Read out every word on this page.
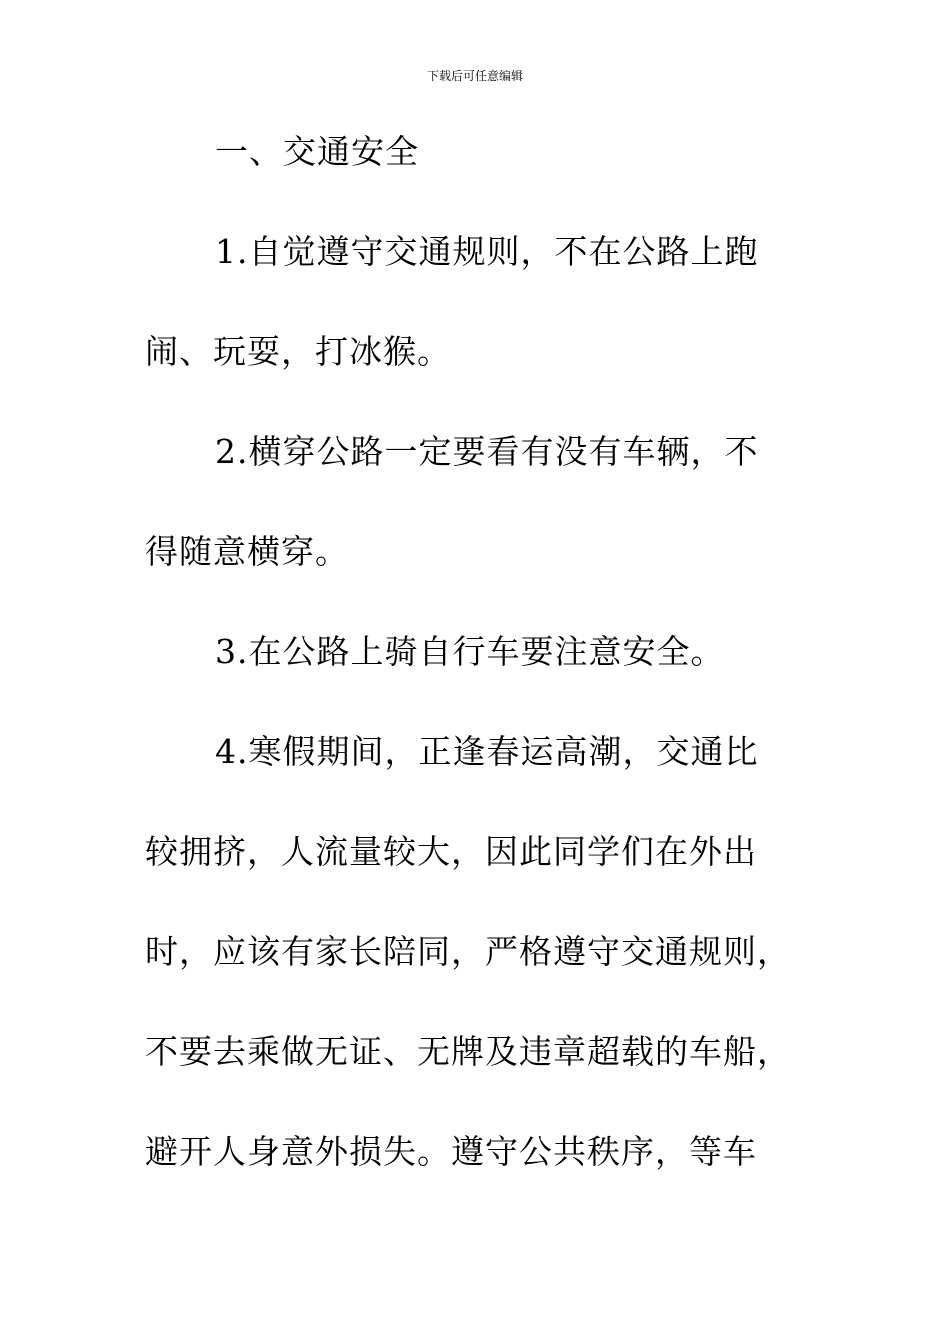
下载后可任意编辑
一、交通安全
1.自觉遵守交通规则，不在公路上跑
闹、玩耍，打冰猴。
2.横穿公路一定要看有没有车辆，不
得随意横穿。
3.在公路上骑自行车要注意安全。
4.寒假期间，正逢春运高潮，交通比
较拥挤，人流量较大，因此同学们在外出
时，应该有家长陪同，严格遵守交通规则，
不要去乘做无证、无牌及违章超载的车船，
避开人身意外损失。遵守公共秩序，等车
